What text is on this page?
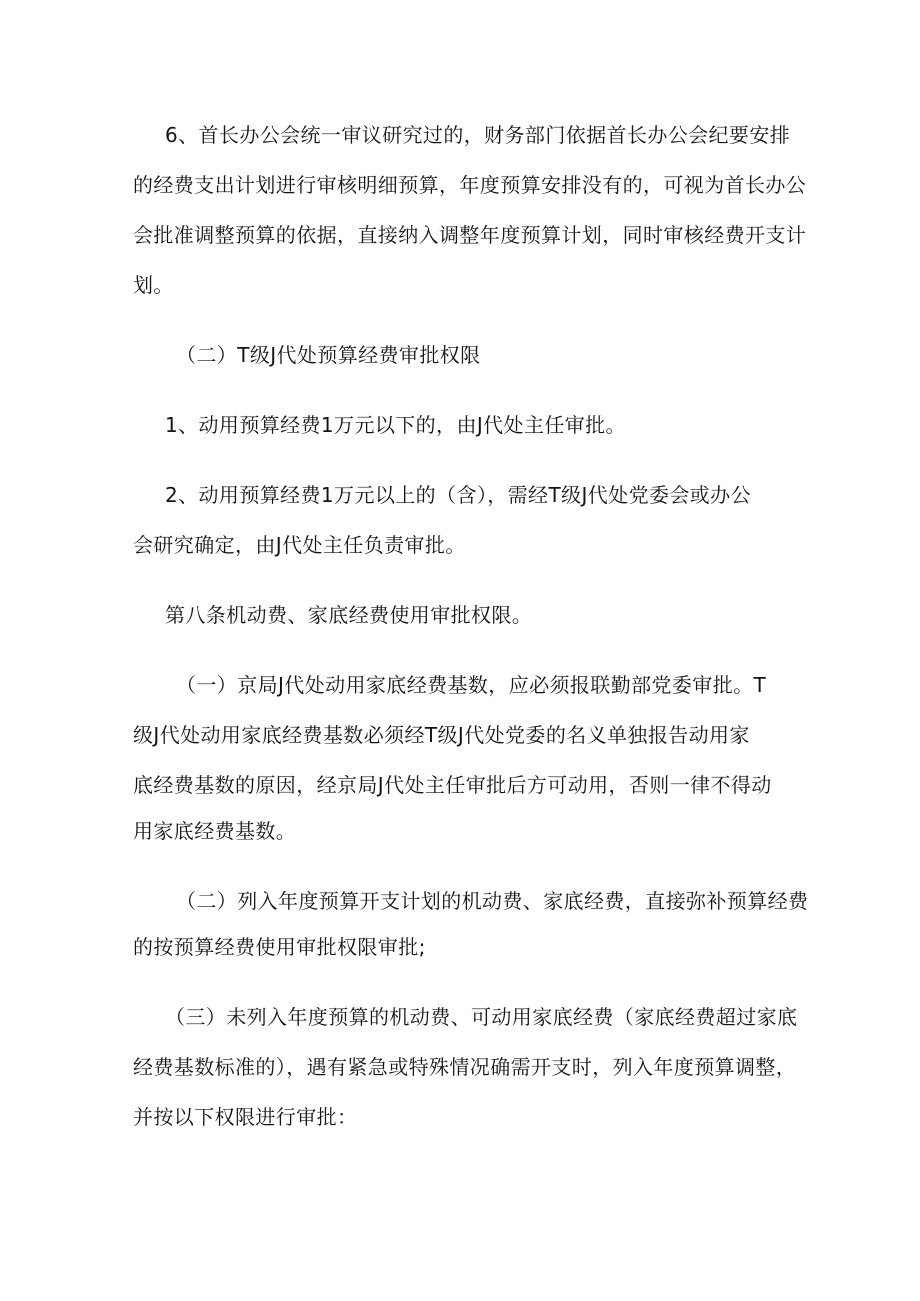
6、首长办公会统一审议研究过的，财务部门依据首长办公会纪要安排
的经费支出计划进行审核明细预算，年度预算安排没有的，可视为首长办公
会批准调整预算的依据，直接纳入调整年度预算计划，同时审核经费开支计
划。
（二）T级J代处预算经费审批权限
1、动用预算经费1万元以下的，由J代处主任审批。
2、动用预算经费1万元以上的（含），需经T级J代处党委会或办公
会研究确定，由J代处主任负责审批。
第八条机动费、家底经费使用审批权限。
（一）京局J代处动用家底经费基数，应必须报联勤部党委审批。T
级J代处动用家底经费基数必须经T级J代处党委的名义单独报告动用家
底经费基数的原因，经京局J代处主任审批后方可动用，否则一律不得动
用家底经费基数。
（二）列入年度预算开支计划的机动费、家底经费，直接弥补预算经费
的按预算经费使用审批权限审批;
（三）未列入年度预算的机动费、可动用家底经费（家底经费超过家底
经费基数标准的），遇有紧急或特殊情况确需开支时，列入年度预算调整，
并按以下权限进行审批：
